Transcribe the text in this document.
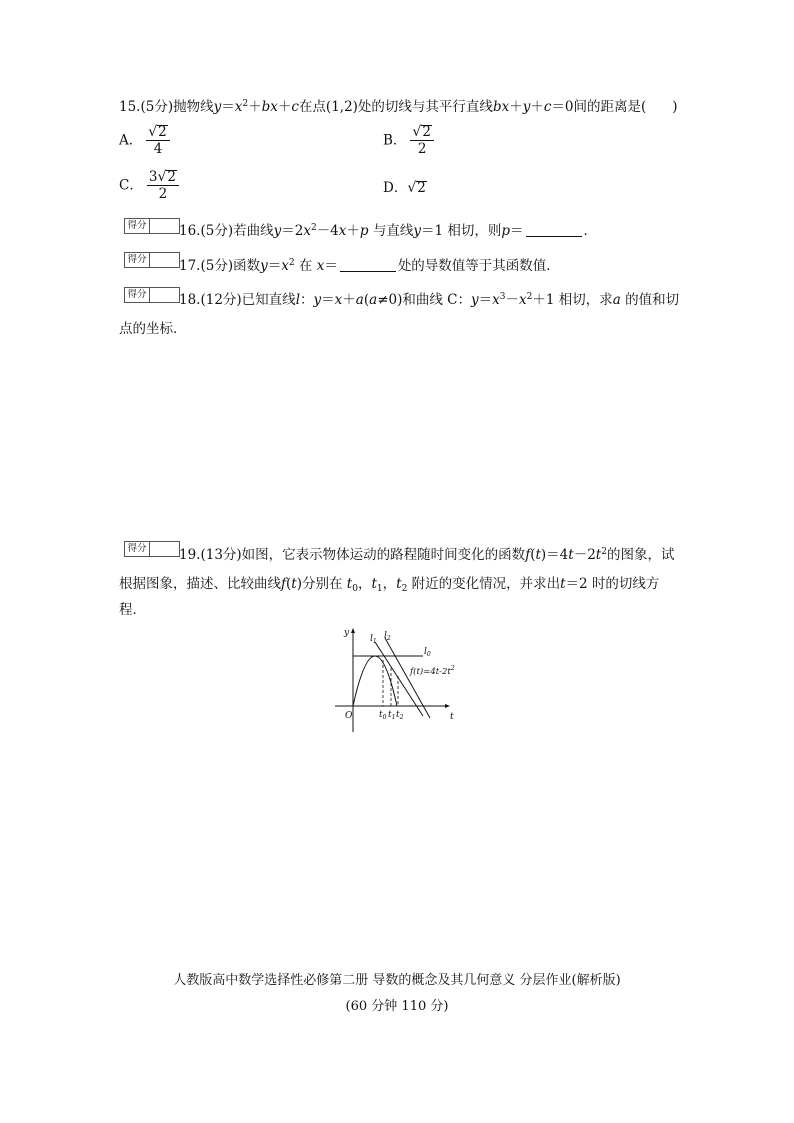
15.(5分)抛物线$y=x^2+bx+c$在点(1,2)处的切线与其平行直线bx＋y＋c＝0间的距离是( )
A． $\frac{√ 2}{4}$	B． $\frac{√ 2}{2}$
C． $\frac{3 √ 2}{2}$	D． √ 2
得分 16.(5分)若曲线$y=2x^2-4x+p$ 与直线y＝1 相切，则p＝	．
得分 17.(5分)函数$y=x^2$ 在 x＝	处的导数值等于其函数值．
得分 18.(12分)已知直线l：y＝x＋a(a≠0)和曲线 C：$y=x^3-x^2+1$ 相切，求a 的值和切
点的坐标．
得分 19.(13分)如图，它表示物体运动的路程随时间变化的函数$f(t)=4t-2t^2$的图象，试
根据图象，描述、比较曲线f(t)分别在 $t_0$，$t_1$，$t_2$ 附近的变化情况，并求出t＝2 时的切线方
程．
y
t
O
$l_0$
$l_1$
$l_2$
$t_0$ $t_1$ $t_2$
$f(t)=4t-2t^2$
人教版高中数学选择性必修第二册 导数的概念及其几何意义 分层作业(解析版)
(60 分钟 110 分)
